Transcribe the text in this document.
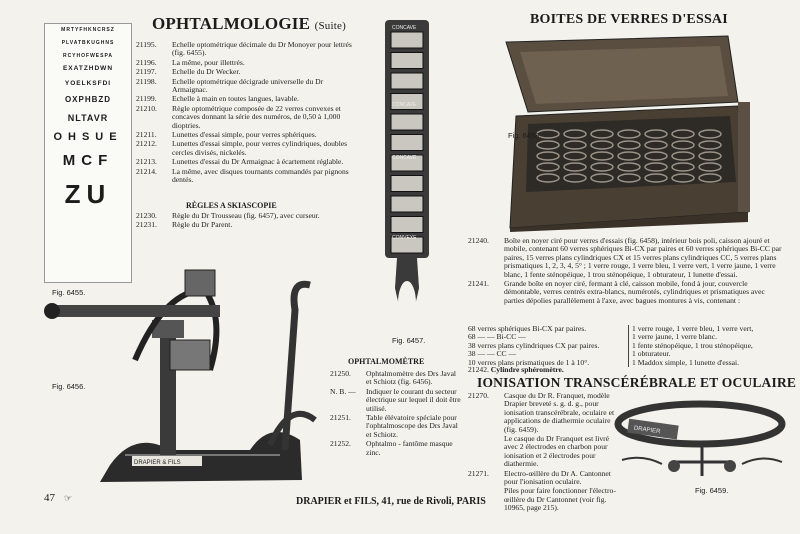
MRTYFHKNCRSZ
PLVATBKUGHNS
RCYHOFWESPA
EXATZHDWN
YOELKSFDI
OXPHBZD
NLTAVR
OHSUE
MCF
ZU
Fig. 6455.
OPHTALMOLOGIE (Suite)
21195.	Echelle optométrique décimale du Dr Monoyer pour lettrés (fig. 6455).
21196.	La même, pour illettrés.
21197.	Echelle du Dr Wecker.
21198.	Echelle optométrique décigrade universelle du Dr Armaignac.
21199.	Echelle à main en toutes langues, lavable.
21210.	Règle optométrique composée de 22 verres convexes et concaves donnant la série des numéros, de 0,50 à 1,000 dioptries.
21211.	Lunettes d'essai simple, pour verres sphériques.
21212.	Lunettes d'essai simple, pour verres cylindriques, doubles cercles divisés, nickelés.
21213.	Lunettes d'essai du Dr Armaignac à écartement réglable.
21214.	La même, avec disques tournants commandés par pignons dentés.
RÈGLES A SKIASCOPIE
21230.	Règle du Dr Trousseau (fig. 6457), avec curseur.
21231.	Règle du Dr Parent.
DRAPIER & FILS
Fig. 6456.
CONCAVE
CONCAVE
CONCAVE
CONVEXE
Fig. 6457.
OPHTALMOMÈTRE
21250.	Ophtalmomètre des Drs Javal et Schiotz (fig. 6456).
N. B. —	Indiquer le courant du secteur électrique sur lequel il doit être utilisé.
21251.	Table élévatoire spéciale pour l'ophtalmoscope des Drs Javal et Schiotz.
21252.	Ophtalmo - fantôme masque zinc.
BOITES DE VERRES D'ESSAI
Fig. 6458.
21240.	Boîte en noyer ciré pour verres d'essais (fig. 6458), intérieur bois poli, caisson ajouré et mobile, contenant 60 verres sphériques Bi-CX par paires et 60 verres sphériques Bi-CC par paires, 15 verres plans cylindriques CX et 15 verres plans cylindriques CC, 5 verres plans prismatiques 1, 2, 3, 4, 5° ; 1 verre rouge, 1 verre bleu, 1 verre vert, 1 verre jaune, 1 verre blanc, 1 fente sténopéique, 1 trou sténopéique, 1 obturateur, 1 lunette d'essai.
21241.	Grande boîte en noyer ciré, fermant à clé, caisson mobile, fond à jour, couvercle démontable, verres centrés extra-blancs, numérotés, cylindriques et prismatiques avec parties dépolies parallèlement à l'axe, avec bagues montures à vis, contenant :
68 verres sphériques Bi-CX par paires.
68 — — Bi-CC —
38 verres plans cylindriques CX par paires.
38 — — CC —
10 verres plans prismatiques de 1 à 10°.
1 verre rouge, 1 verre bleu, 1 verre vert,
1 verre jaune, 1 verre blanc.
1 fente sténopéique, 1 trou sténopéique,
1 obturateur.
1 Maddox simple, 1 lunette d'essai.
21242. Cylindre sphéromètre.
IONISATION TRANSCÉRÉBRALE ET OCULAIRE
21270.	Casque du Dr R. Franquet, modèle Drapier breveté s. g. d. g., pour ionisation transcérébrale, oculaire et applications de diathermie oculaire (fig. 6459).
Le casque du Dr Franquet est livré avec 2 électrodes en charbon pour ionisation et 2 électrodes pour diathermie.
21271.	Electro-œillère du Dr A. Cantonnet pour l'ionisation oculaire.
Piles pour faire fonctionner l'électro-œillère du Dr Cantonnet (voir fig. 10965, page 215).
DRAPIER
Fig. 6459.
47 ☞	DRAPIER et FILS, 41, rue de Rivoli, PARIS
